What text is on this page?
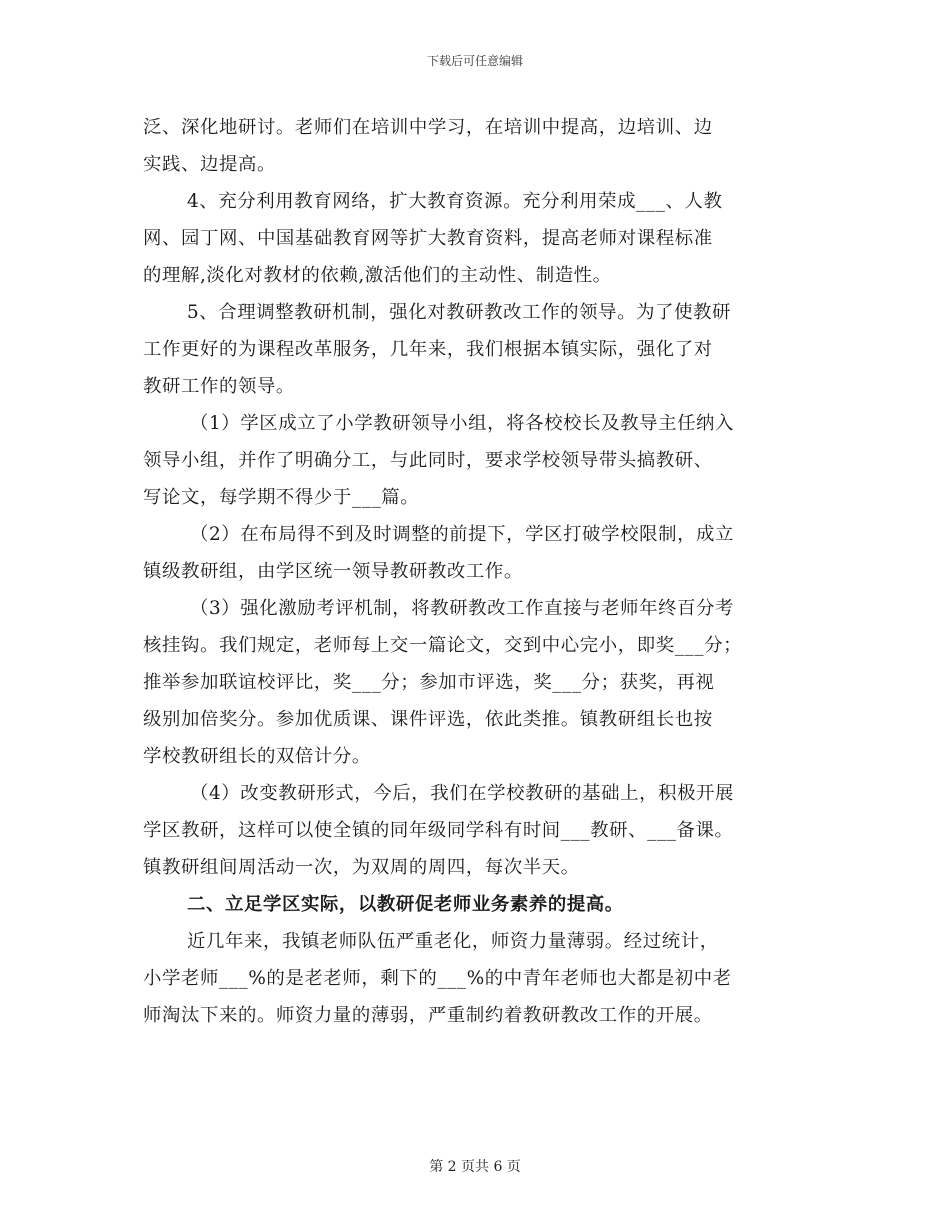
下载后可任意编辑
泛、深化地研讨。老师们在培训中学习，在培训中提高，边培训、边
实践、边提高。
4、充分利用教育网络，扩大教育资源。充分利用荣成___、人教
网、园丁网、中国基础教育网等扩大教育资料，提高老师对课程标准
的理解,淡化对教材的依赖,激活他们的主动性、制造性。
5、合理调整教研机制，强化对教研教改工作的领导。为了使教研
工作更好的为课程改革服务，几年来，我们根据本镇实际，强化了对
教研工作的领导。
（1）学区成立了小学教研领导小组，将各校校长及教导主任纳入
领导小组，并作了明确分工，与此同时，要求学校领导带头搞教研、
写论文，每学期不得少于___篇。
（2）在布局得不到及时调整的前提下，学区打破学校限制，成立
镇级教研组，由学区统一领导教研教改工作。
（3）强化激励考评机制，将教研教改工作直接与老师年终百分考
核挂钩。我们规定，老师每上交一篇论文，交到中心完小，即奖___分；
推举参加联谊校评比，奖___分；参加市评选，奖___分；获奖，再视
级别加倍奖分。参加优质课、课件评选，依此类推。镇教研组长也按
学校教研组长的双倍计分。
（4）改变教研形式，今后，我们在学校教研的基础上，积极开展
学区教研，这样可以使全镇的同年级同学科有时间___教研、___备课。
镇教研组间周活动一次，为双周的周四，每次半天。
二、立足学区实际，以教研促老师业务素养的提高。
近几年来，我镇老师队伍严重老化，师资力量薄弱。经过统计，
小学老师___%的是老老师，剩下的___%的中青年老师也大都是初中老
师淘汰下来的。师资力量的薄弱，严重制约着教研教改工作的开展。
第 2 页共 6 页
